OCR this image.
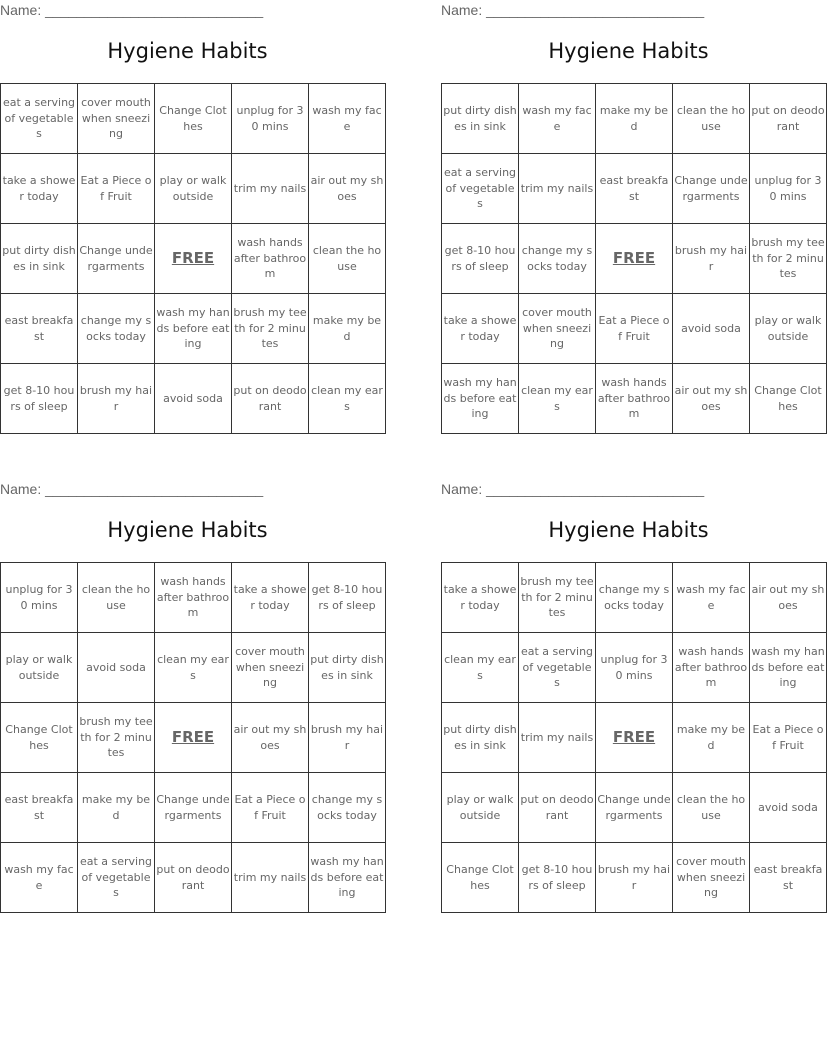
Name: ____________________________
Hygiene Habits
eat a serving of vegetables	cover mouth when sneezing	Change Clothes	unplug for 30 mins	wash my face
take a shower today	Eat a Piece of Fruit	play or walk outside	trim my nails	air out my shoes
put dirty dishes in sink	Change undergarments	FREE	wash hands after bathroom	clean the house
east breakfast	change my socks today	wash my hands before eating	brush my teeth for 2 minutes	make my bed
get 8-10 hours of sleep	brush my hair	avoid soda	put on deodorant	clean my ears
Name: ____________________________
Hygiene Habits
put dirty dishes in sink	wash my face	make my bed	clean the house	put on deodorant
eat a serving of vegetables	trim my nails	east breakfast	Change undergarments	unplug for 30 mins
get 8-10 hours of sleep	change my socks today	FREE	brush my hair	brush my teeth for 2 minutes
take a shower today	cover mouth when sneezing	Eat a Piece of Fruit	avoid soda	play or walk outside
wash my hands before eating	clean my ears	wash hands after bathroom	air out my shoes	Change Clothes
Name: ____________________________
Hygiene Habits
unplug for 30 mins	clean the house	wash hands after bathroom	take a shower today	get 8-10 hours of sleep
play or walk outside	avoid soda	clean my ears	cover mouth when sneezing	put dirty dishes in sink
Change Clothes	brush my teeth for 2 minutes	FREE	air out my shoes	brush my hair
east breakfast	make my bed	Change undergarments	Eat a Piece of Fruit	change my socks today
wash my face	eat a serving of vegetables	put on deodorant	trim my nails	wash my hands before eating
Name: ____________________________
Hygiene Habits
take a shower today	brush my teeth for 2 minutes	change my socks today	wash my face	air out my shoes
clean my ears	eat a serving of vegetables	unplug for 30 mins	wash hands after bathroom	wash my hands before eating
put dirty dishes in sink	trim my nails	FREE	make my bed	Eat a Piece of Fruit
play or walk outside	put on deodorant	Change undergarments	clean the house	avoid soda
Change Clothes	get 8-10 hours of sleep	brush my hair	cover mouth when sneezing	east breakfast
